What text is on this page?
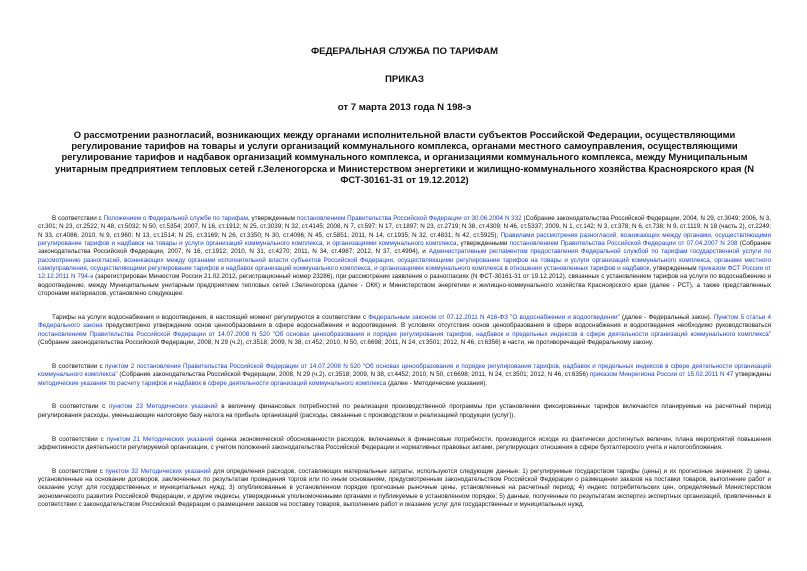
ФЕДЕРАЛЬНАЯ СЛУЖБА ПО ТАРИФАМ
ПРИКАЗ
от 7 марта 2013 года N 198-э
О рассмотрении разногласий, возникающих между органами исполнительной власти субъектов Российской Федерации, осуществляющими регулирование тарифов на товары и услуги организаций коммунального комплекса, органами местного самоуправления, осуществляющими регулирование тарифов и надбавок организаций коммунального комплекса, и организациями коммунального комплекса, между Муниципальным унитарным предприятием тепловых сетей г.Зеленогорска и Министерством энергетики и жилищно-коммунального хозяйства Красноярского края (N ФСТ-30161-31 от 19.12.2012)

В соответствии с Положением о Федеральной службе по тарифам, утвержденным постановлением Правительства Российской Федерации от 30.06.2004 N 332 (Собрание законодательства Российской Федерации, 2004, N 29, ст.3049; 2006, N 3, ст.301; N 23, ст.2522; N 48, ст.5032; N 50, ст.5354; 2007, N 16, ст.1912; N 25, ст.3039; N 32, ст.4145; 2008, N 7, ст.597; N 17, ст.1897; N 23, ст.2719; N 38, ст.4309; N 46, ст.5337; 2009, N 1, ст.142; N 3, ст.378; N 6, ст.738; N 9, ст.1119; N 18 (часть 2), ст.2249; N 33, ст.4086; 2010, N 9, ст.960; N 13, ст.1514; N 25, ст.3169; N 26, ст.3350; N 30, ст.4096; N 45, ст.5851; 2011, N 14, ст.1935; N 32, ст.4831; N 42, ст.5925); Правилами рассмотрения разногласий, возникающих между органами, осуществляющими регулирование тарифов и надбавок на товары и услуги организаций коммунального комплекса, и организациями коммунального комплекса, утвержденными постановлением Правительства Российской Федерации от 07.04.2007 N 208 (Собрание законодательства Российской Федерации, 2007, N 16, ст.1912; 2010, N 31, ст.4270; 2011, N 34, ст.4987; 2012, N 37, ст.4994), и Административным регламентом предоставления Федеральной службой по тарифам государственной услуги по рассмотрению разногласий, возникающих между органами исполнительной власти субъектов Российской Федерации, осуществляющими регулирование тарифов на товары и услуги организаций коммунального комплекса, органами местного самоуправления, осуществляющими регулирование тарифов и надбавок организаций коммунального комплекса, и организациями коммунального комплекса в отношении установленных тарифов и надбавок, утвержденным приказом ФСТ России от 12.12.2011 N 794-э (зарегистрирован Минюстом России 21.02.2012, регистрационный номер 23286), при рассмотрении заявления о разногласиях (N ФСТ-30161-31 от 19.12.2012), связанных с установлением тарифов на услуги по водоснабжению и водоотведению, между Муниципальным унитарным предприятием тепловых сетей г.Зеленогорска (далее - ОКК) и Министерством энергетики и жилищно-коммунального хозяйства Красноярского края (далее - РСТ), а также представленных сторонами материалов, установлено следующее:

Тарифы на услуги водоснабжения и водоотведения, в настоящий момент регулируются в соответствии с Федеральным законом от 07.12.2011 N 416-ФЗ "О водоснабжении и водоотведении" (далее - Федеральный закон). Пунктом 5 статьи 4 Федерального закона предусмотрено утверждение основ ценообразования в сфере водоснабжения и водоотведения. В условиях отсутствия основ ценообразования в сфере водоснабжения и водоотведения необходимо руководствоваться постановлением Правительства Российской Федерации от 14.07.2008 N 520 "Об основах ценообразования и порядке регулирования тарифов, надбавок и предельных индексов в сфере деятельности организаций коммунального комплекса" (Собрание законодательства Российской Федерации, 2008, N 29 (ч.2), ст.3518; 2009, N 38, ст.452; 2010, N 50, ст.6698; 2011, N 24, ст.3501; 2012, N 46, ст.6356) в части, не противоречащей Федеральному закону.

В соответствии с пунктом 2 постановления Правительства Российской Федерации от 14.07.2008 N 520 "Об основах ценообразования и порядке регулирования тарифов, надбавок и предельных индексов в сфере деятельности организаций коммунального комплекса" (Собрание законодательства Российской Федерации, 2008, N 29 (ч.2), ст.3518; 2009, N 38, ст.4452; 2010, N 50, ст.6698; 2011, N 24, ст.3501; 2012, N 46, ст.6356) приказом Минрегиона России от 15.02.2011 N 47 утверждены методические указания по расчету тарифов и надбавок в сфере деятельности организаций коммунального комплекса (далее - Методические указания).

В соответствии с пунктом 23 Методических указаний в величину финансовых потребностей по реализации производственной программы при установлении фиксированных тарифов включаются планируемые на расчетный период регулирования расходы, уменьшающие налоговую базу налога на прибыль организаций (расходы, связанные с производством и реализацией продукции (услуг)).

В соответствии с пунктом 21 Методических указаний оценка экономической обоснованности расходов, включаемых в финансовые потребности, производится исходя из фактически достигнутых величин, плана мероприятий повышения эффективности деятельности регулируемой организации, с учетом положений законодательства Российской Федерации и нормативных правовых актами, регулирующих отношения в сфере бухгалтерского учета и налогообложения.

В соответствии с пунктом 32 Методических указаний для определения расходов, составляющих материальные затраты, используются следующие данные: 1) регулируемые государством тарифы (цены) и их прогнозные значения; 2) цены, установленные на основании договоров, заключенных по результатам проведения торгов или по иным основаниям, предусмотренным законодательством Российской Федерации о размещении заказов на поставки товаров, выполнение работ и оказание услуг для государственных и муниципальных нужд; 3) опубликованные в установленном порядке прогнозные рыночные цены, установленные на расчетный период; 4) индекс потребительских цен, определяемый Министерством экономического развития Российской Федерации, и другие индексы, утвержденные уполномоченными органами и публикуемые в установленном порядке; 5) данные, полученные по результатам экспертиз экспертных организаций, привлеченных в соответствии с законодательством Российской Федерации о размещении заказов на поставку товаров, выполнение работ и оказание услуг для государственных и муниципальных нужд.
